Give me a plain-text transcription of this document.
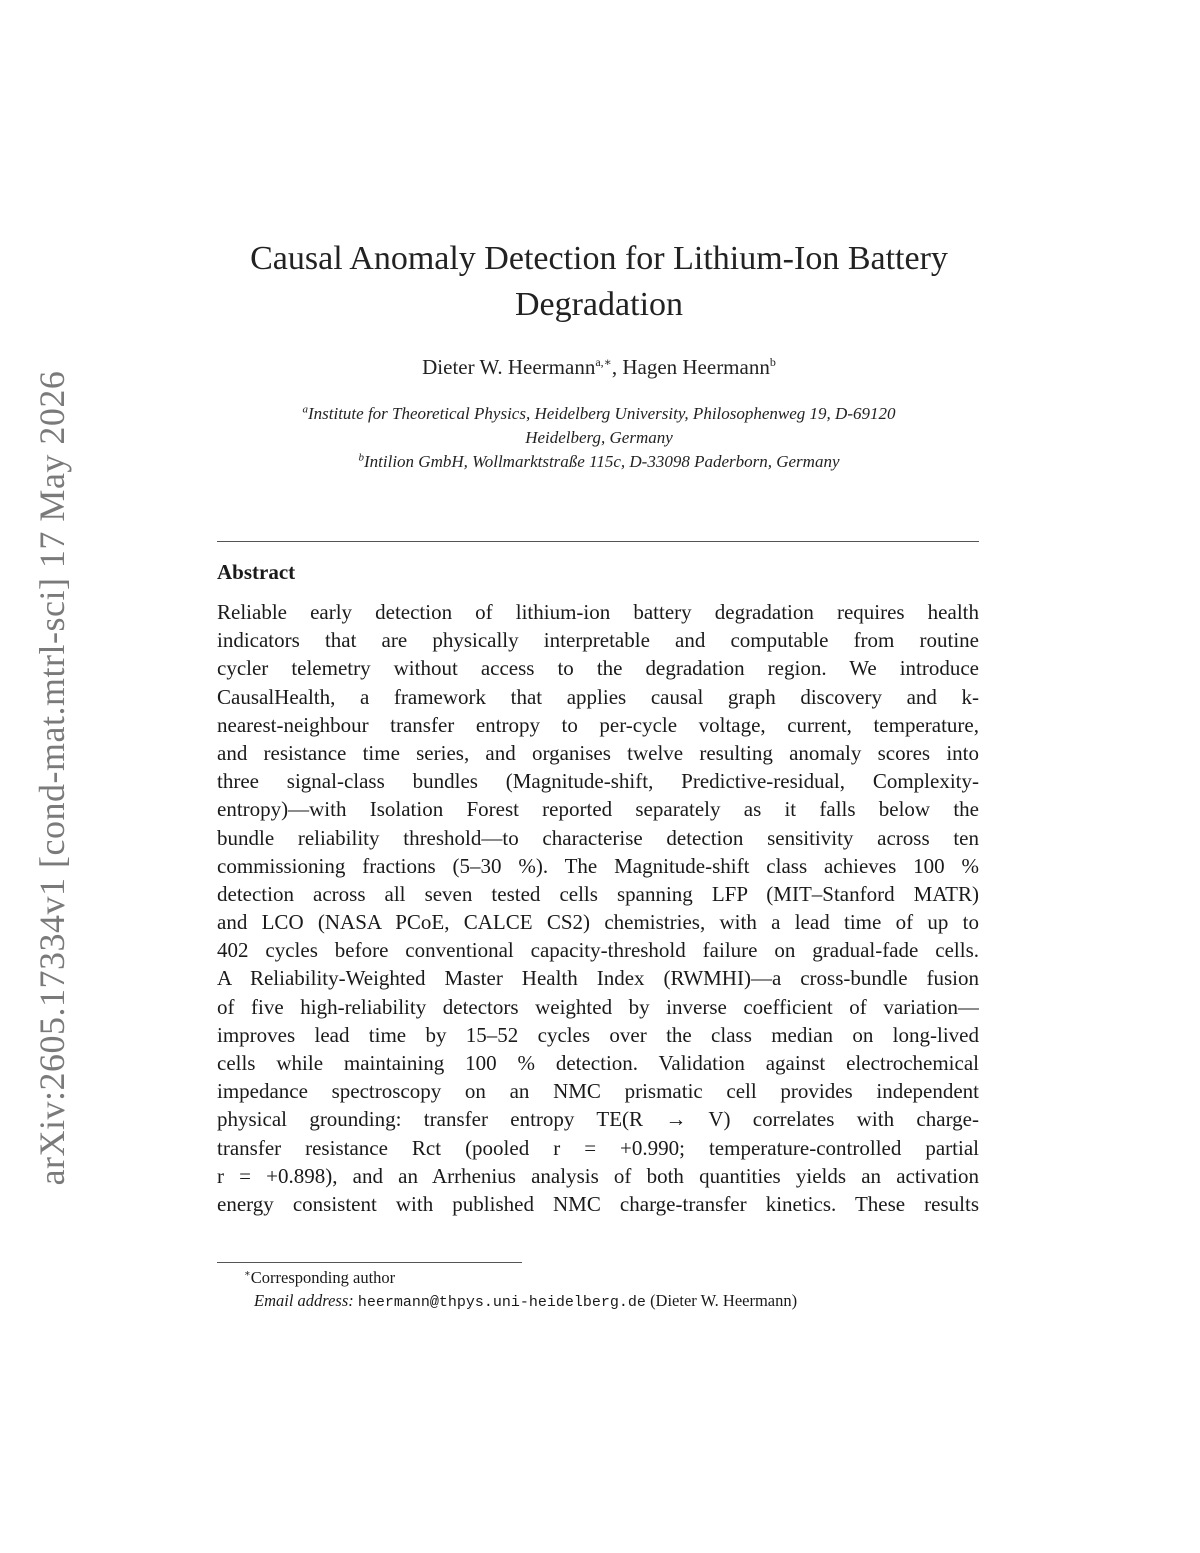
arXiv:2605.17334v1 [cond-mat.mtrl-sci] 17 May 2026
Causal Anomaly Detection for Lithium-Ion Battery
Degradation
Dieter W. Heermann$^{a,∗}$, Hagen Heermann$^b$
$^a$Institute for Theoretical Physics, Heidelberg University, Philosophenweg 19, D-69120
Heidelberg, Germany
$^b$Intilion GmbH, Wollmarktstraße 115c, D-33098 Paderborn, Germany
Abstract
Reliable early detection of lithium-ion battery degradation requires health
indicators that are physically interpretable and computable from routine
cycler telemetry without access to the degradation region. We introduce
CausalHealth, a framework that applies causal graph discovery and k-
nearest-neighbour transfer entropy to per-cycle voltage, current, temperature,
and resistance time series, and organises twelve resulting anomaly scores into
three signal-class bundles (Magnitude-shift, Predictive-residual, Complexity-
entropy)—with Isolation Forest reported separately as it falls below the
bundle reliability threshold—to characterise detection sensitivity across ten
commissioning fractions (5–30 %). The Magnitude-shift class achieves 100 %
detection across all seven tested cells spanning LFP (MIT–Stanford MATR)
and LCO (NASA PCoE, CALCE CS2) chemistries, with a lead time of up to
402 cycles before conventional capacity-threshold failure on gradual-fade cells.
A Reliability-Weighted Master Health Index (RWMHI)—a cross-bundle fusion
of five high-reliability detectors weighted by inverse coefficient of variation—
improves lead time by 15–52 cycles over the class median on long-lived
cells while maintaining 100 % detection. Validation against electrochemical
impedance spectroscopy on an NMC prismatic cell provides independent
physical grounding: transfer entropy TE(R → V) correlates with charge-
transfer resistance Rct (pooled r = +0.990; temperature-controlled partial
r = +0.898), and an Arrhenius analysis of both quantities yields an activation
energy consistent with published NMC charge-transfer kinetics. These results
∗Corresponding author
Email address: heermann@thpys.uni-heidelberg.de (Dieter W. Heermann)
